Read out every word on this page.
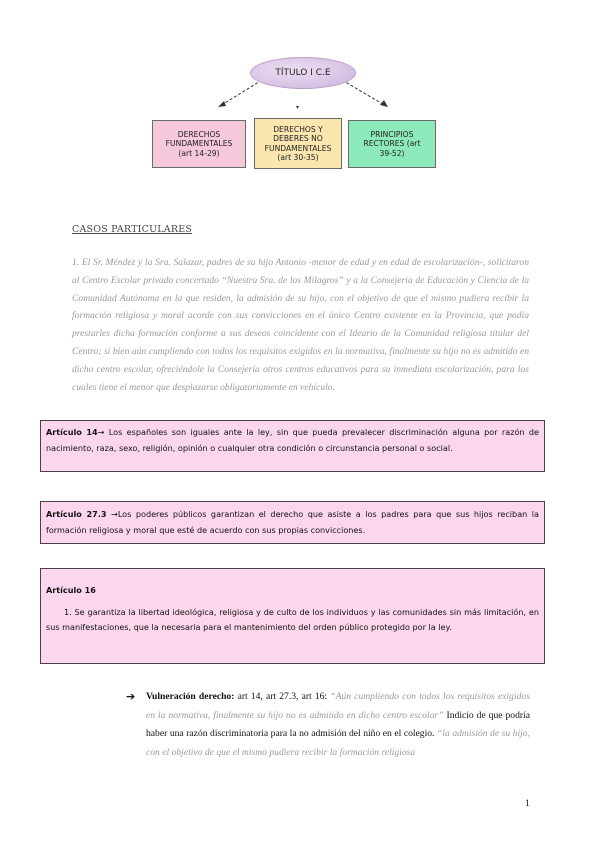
TÍTULO I C.E
▾
DERECHOS
FUNDAMENTALES
(art 14-29)
DERECHOS Y
DEBERES NO
FUNDAMENTALES
(art 30-35)
PRINCIPIOS
RECTORES (art
39-52)
CASOS PARTICULARES
1. El Sr. Méndez y la Sra. Salazar, padres de su hijo Antonio -menor de edad y en edad de escolarización-, solicitaron al Centro Escolar privado concertado “Nuestra Sra. de los Milagros” y a la Consejería de Educación y Ciencia de la Comunidad Autónoma en la que residen, la admisión de su hijo, con el objetivo de que el mismo pudiera recibir la formación religiosa y moral acorde con sus convicciones en el único Centro existente en la Provincia, que podía prestarles dicha formación conforme a sus deseos coincidente con el Ideario de la Comunidad religiosa titular del Centro; si bien aún cumpliendo con todos los requisitos exigidos en la normativa, finalmente su hijo no es admitido en dicho centro escolar, ofreciéndole la Consejería otros centros educativos para su inmediata escolarización, para los cuales tiene el menor que desplazarse obligatoriamente en vehículo.
Artículo 14→ Los españoles son iguales ante la ley, sin que pueda prevalecer discriminación alguna por razón de nacimiento, raza, sexo, religión, opinión o cualquier otra condición o circunstancia personal o social.
Artículo 27.3 →Los poderes públicos garantizan el derecho que asiste a los padres para que sus hijos reciban la formación religiosa y moral que esté de acuerdo con sus propias convicciones.
Artículo 16
1. Se garantiza la libertad ideológica, religiosa y de culto de los individuos y las comunidades sin más limitación, en sus manifestaciones, que la necesaria para el mantenimiento del orden público protegido por la ley.
➔ Vulneración derecho: art 14, art 27.3, art 16: “Aún cumpliendo con todos los requisitos exigidos en la normativa, finalmente su hijo no es admitido en dicho centro escolar” Indicio de que podría haber una razón discriminatoria para la no admisión del niño en el colegio. “la admisión de su hijo, con el objetivo de que el mismo pudiera recibir la formación religiosa
1
